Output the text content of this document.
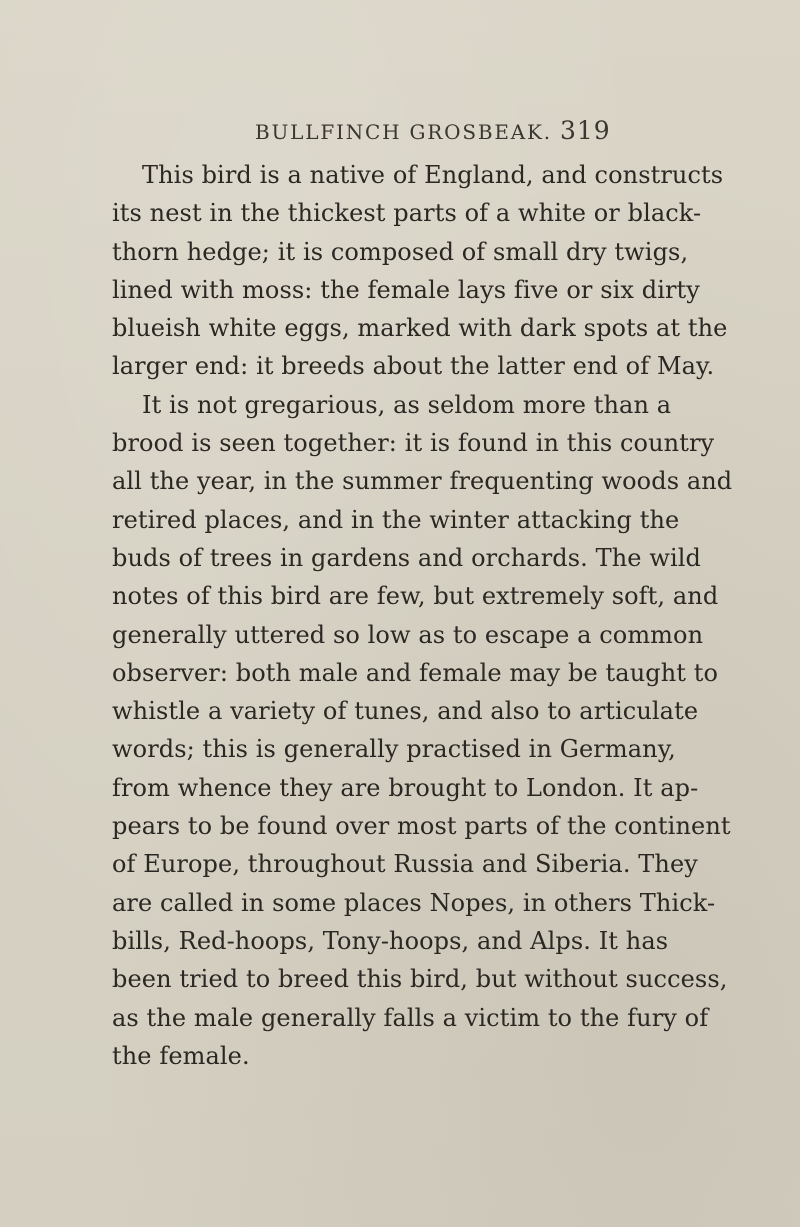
BULLFINCH GROSBEAK. 319
This bird is a native of England, and constructs
its nest in the thickest parts of a white or black-
thorn hedge; it is composed of small dry twigs,
lined with moss: the female lays five or six dirty
blueish white eggs, marked with dark spots at the
larger end: it breeds about the latter end of May.
It is not gregarious, as seldom more than a
brood is seen together: it is found in this country
all the year, in the summer frequenting woods and
retired places, and in the winter attacking the
buds of trees in gardens and orchards. The wild
notes of this bird are few, but extremely soft, and
generally uttered so low as to escape a common
observer: both male and female may be taught to
whistle a variety of tunes, and also to articulate
words; this is generally practised in Germany,
from whence they are brought to London. It ap-
pears to be found over most parts of the continent
of Europe, throughout Russia and Siberia. They
are called in some places Nopes, in others Thick-
bills, Red-hoops, Tony-hoops, and Alps. It has
been tried to breed this bird, but without success,
as the male generally falls a victim to the fury of
the female.
